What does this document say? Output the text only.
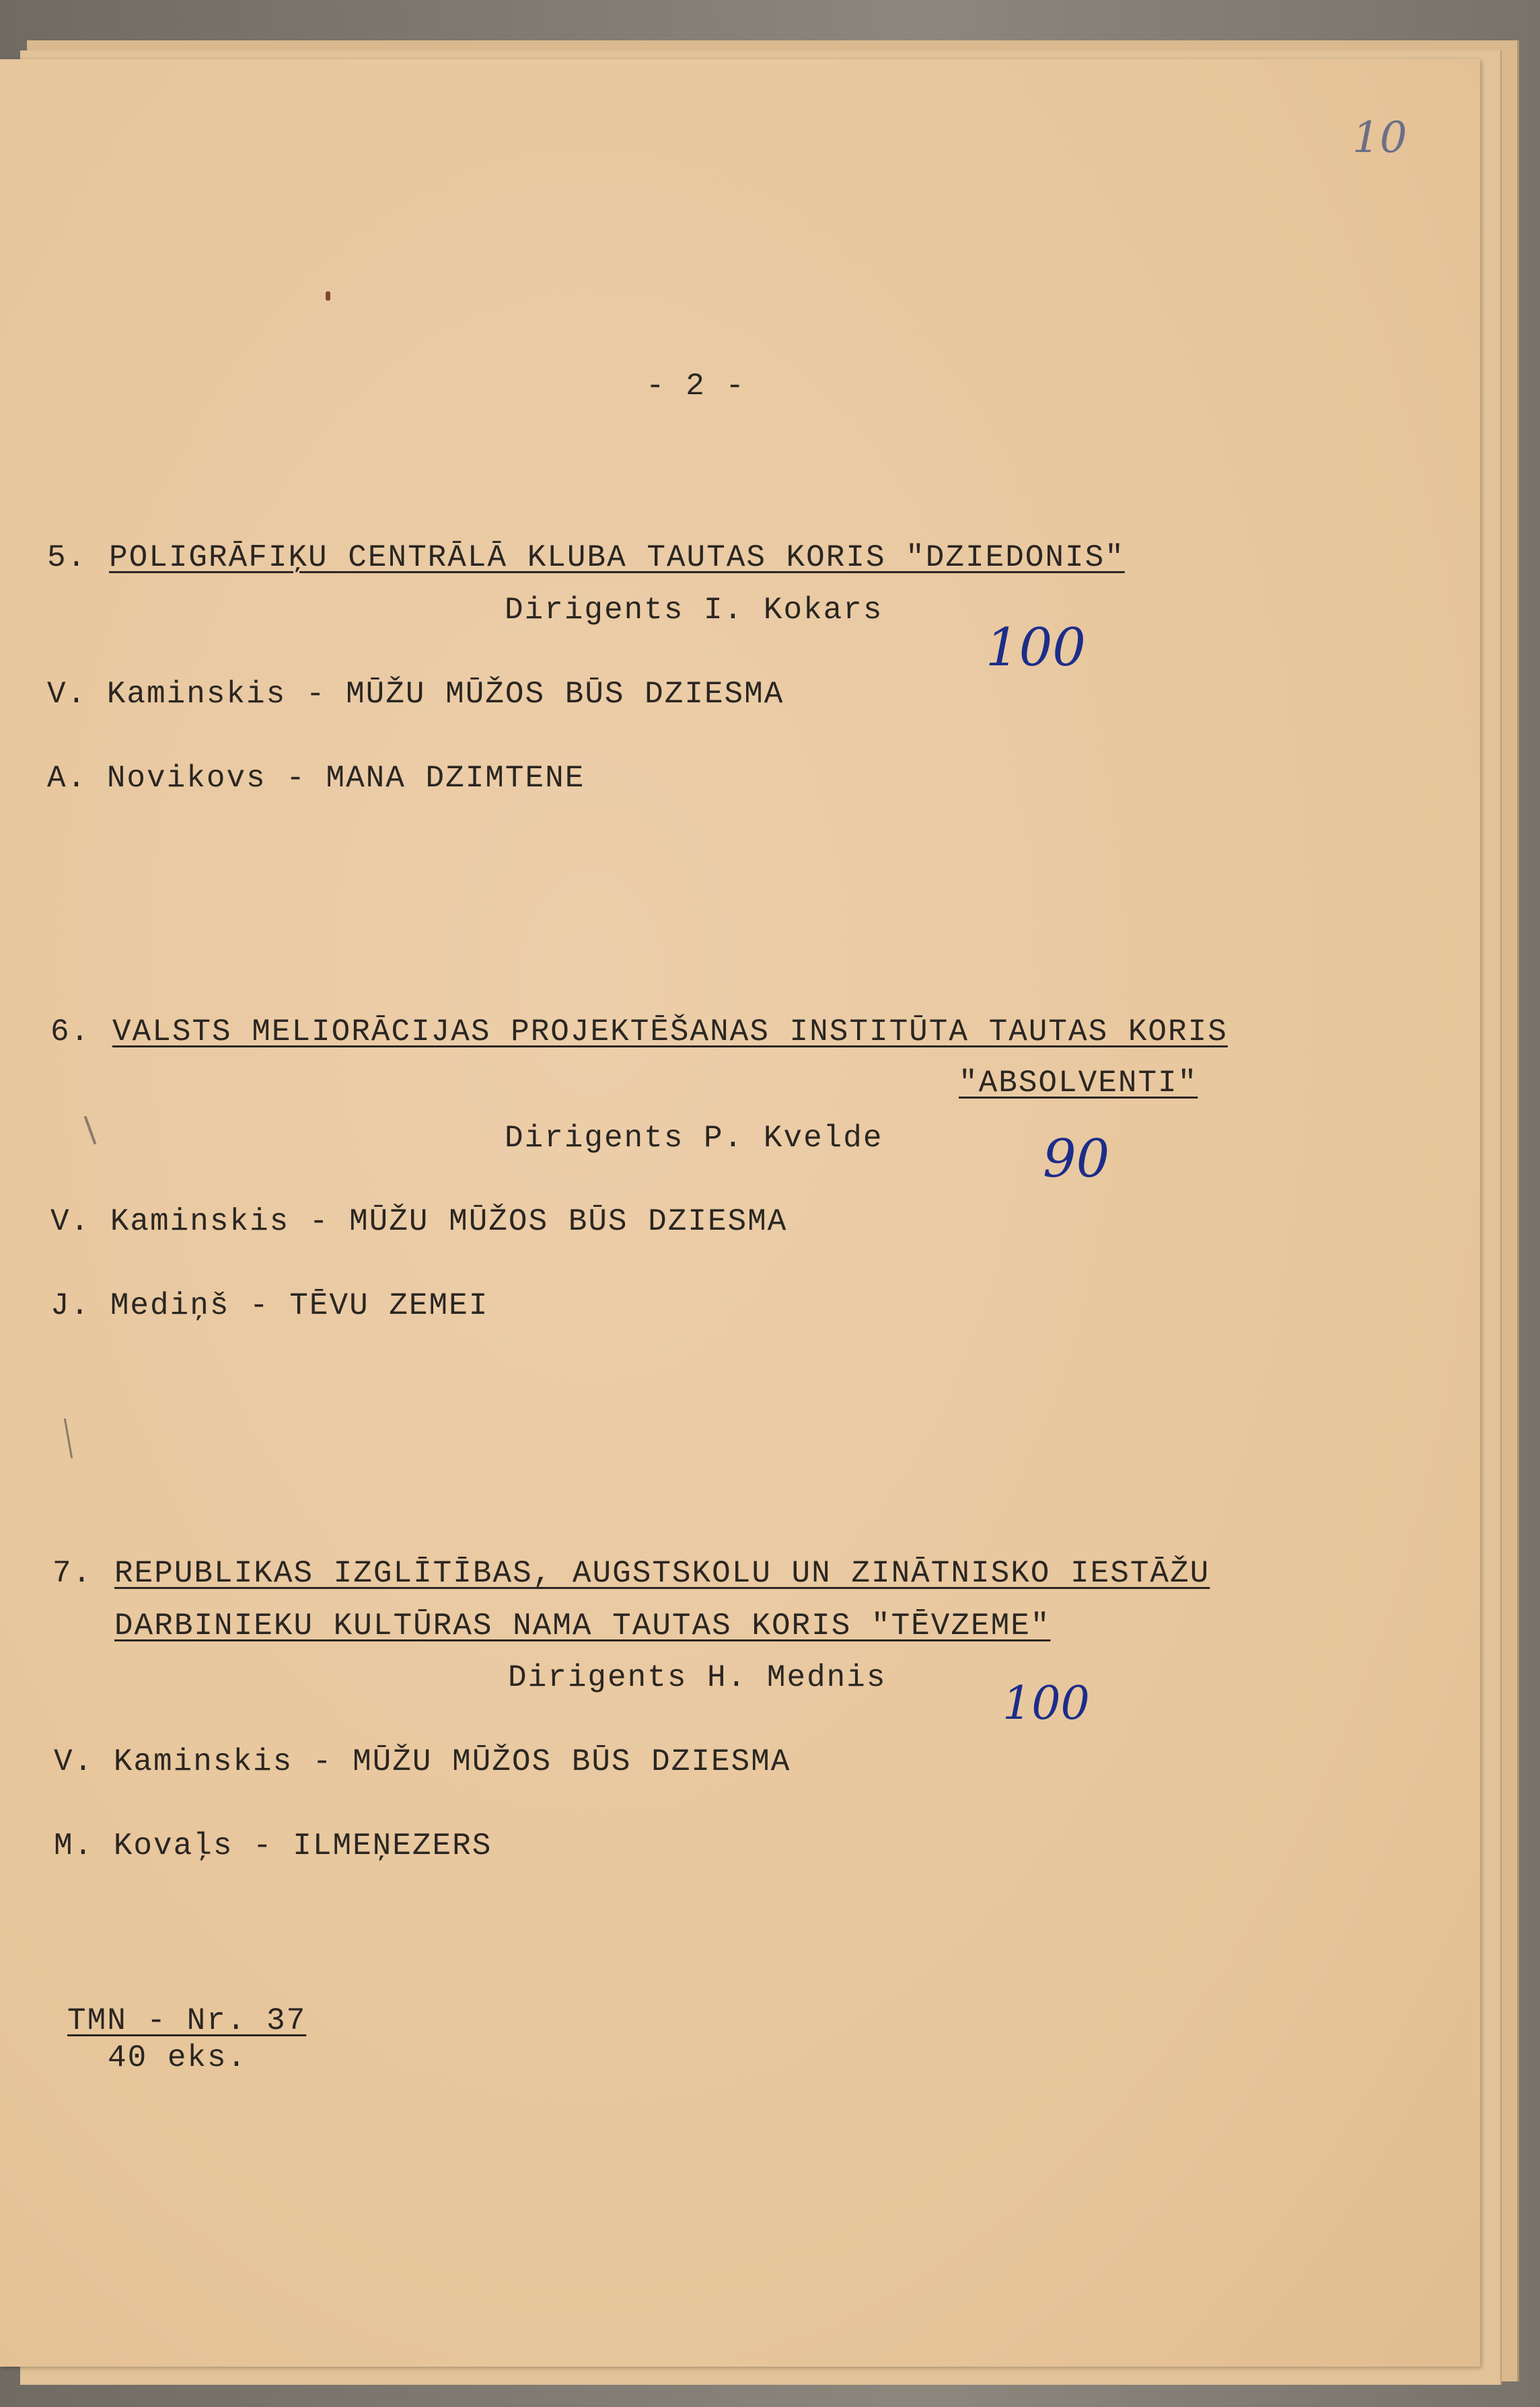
10
- 2 -
5. POLIGRĀFIĶU CENTRĀLĀ KLUBA TAUTAS KORIS "DZIEDONIS"
Dirigents I. Kokars
100
V. Kaminskis - MŪŽU MŪŽOS BŪS DZIESMA
A. Novikovs - MANA DZIMTENE
6. VALSTS MELIORĀCIJAS PROJEKTĒŠANAS INSTITŪTA TAUTAS KORIS
"ABSOLVENTI"
Dirigents P. Kvelde	90
V. Kaminskis - MŪŽU MŪŽOS BŪS DZIESMA
J. Mediņš - TĒVU ZEMEI
7. REPUBLIKAS IZGLĪTĪBAS, AUGSTSKOLU UN ZINĀTNISKO IESTĀŽU
DARBINIEKU KULTŪRAS NAMA TAUTAS KORIS "TĒVZEME"
Dirigents H. Mednis	100
V. Kaminskis - MŪŽU MŪŽOS BŪS DZIESMA
M. Kovaļs - ILMEŅEZERS
TMN - Nr. 37
40 eks.
